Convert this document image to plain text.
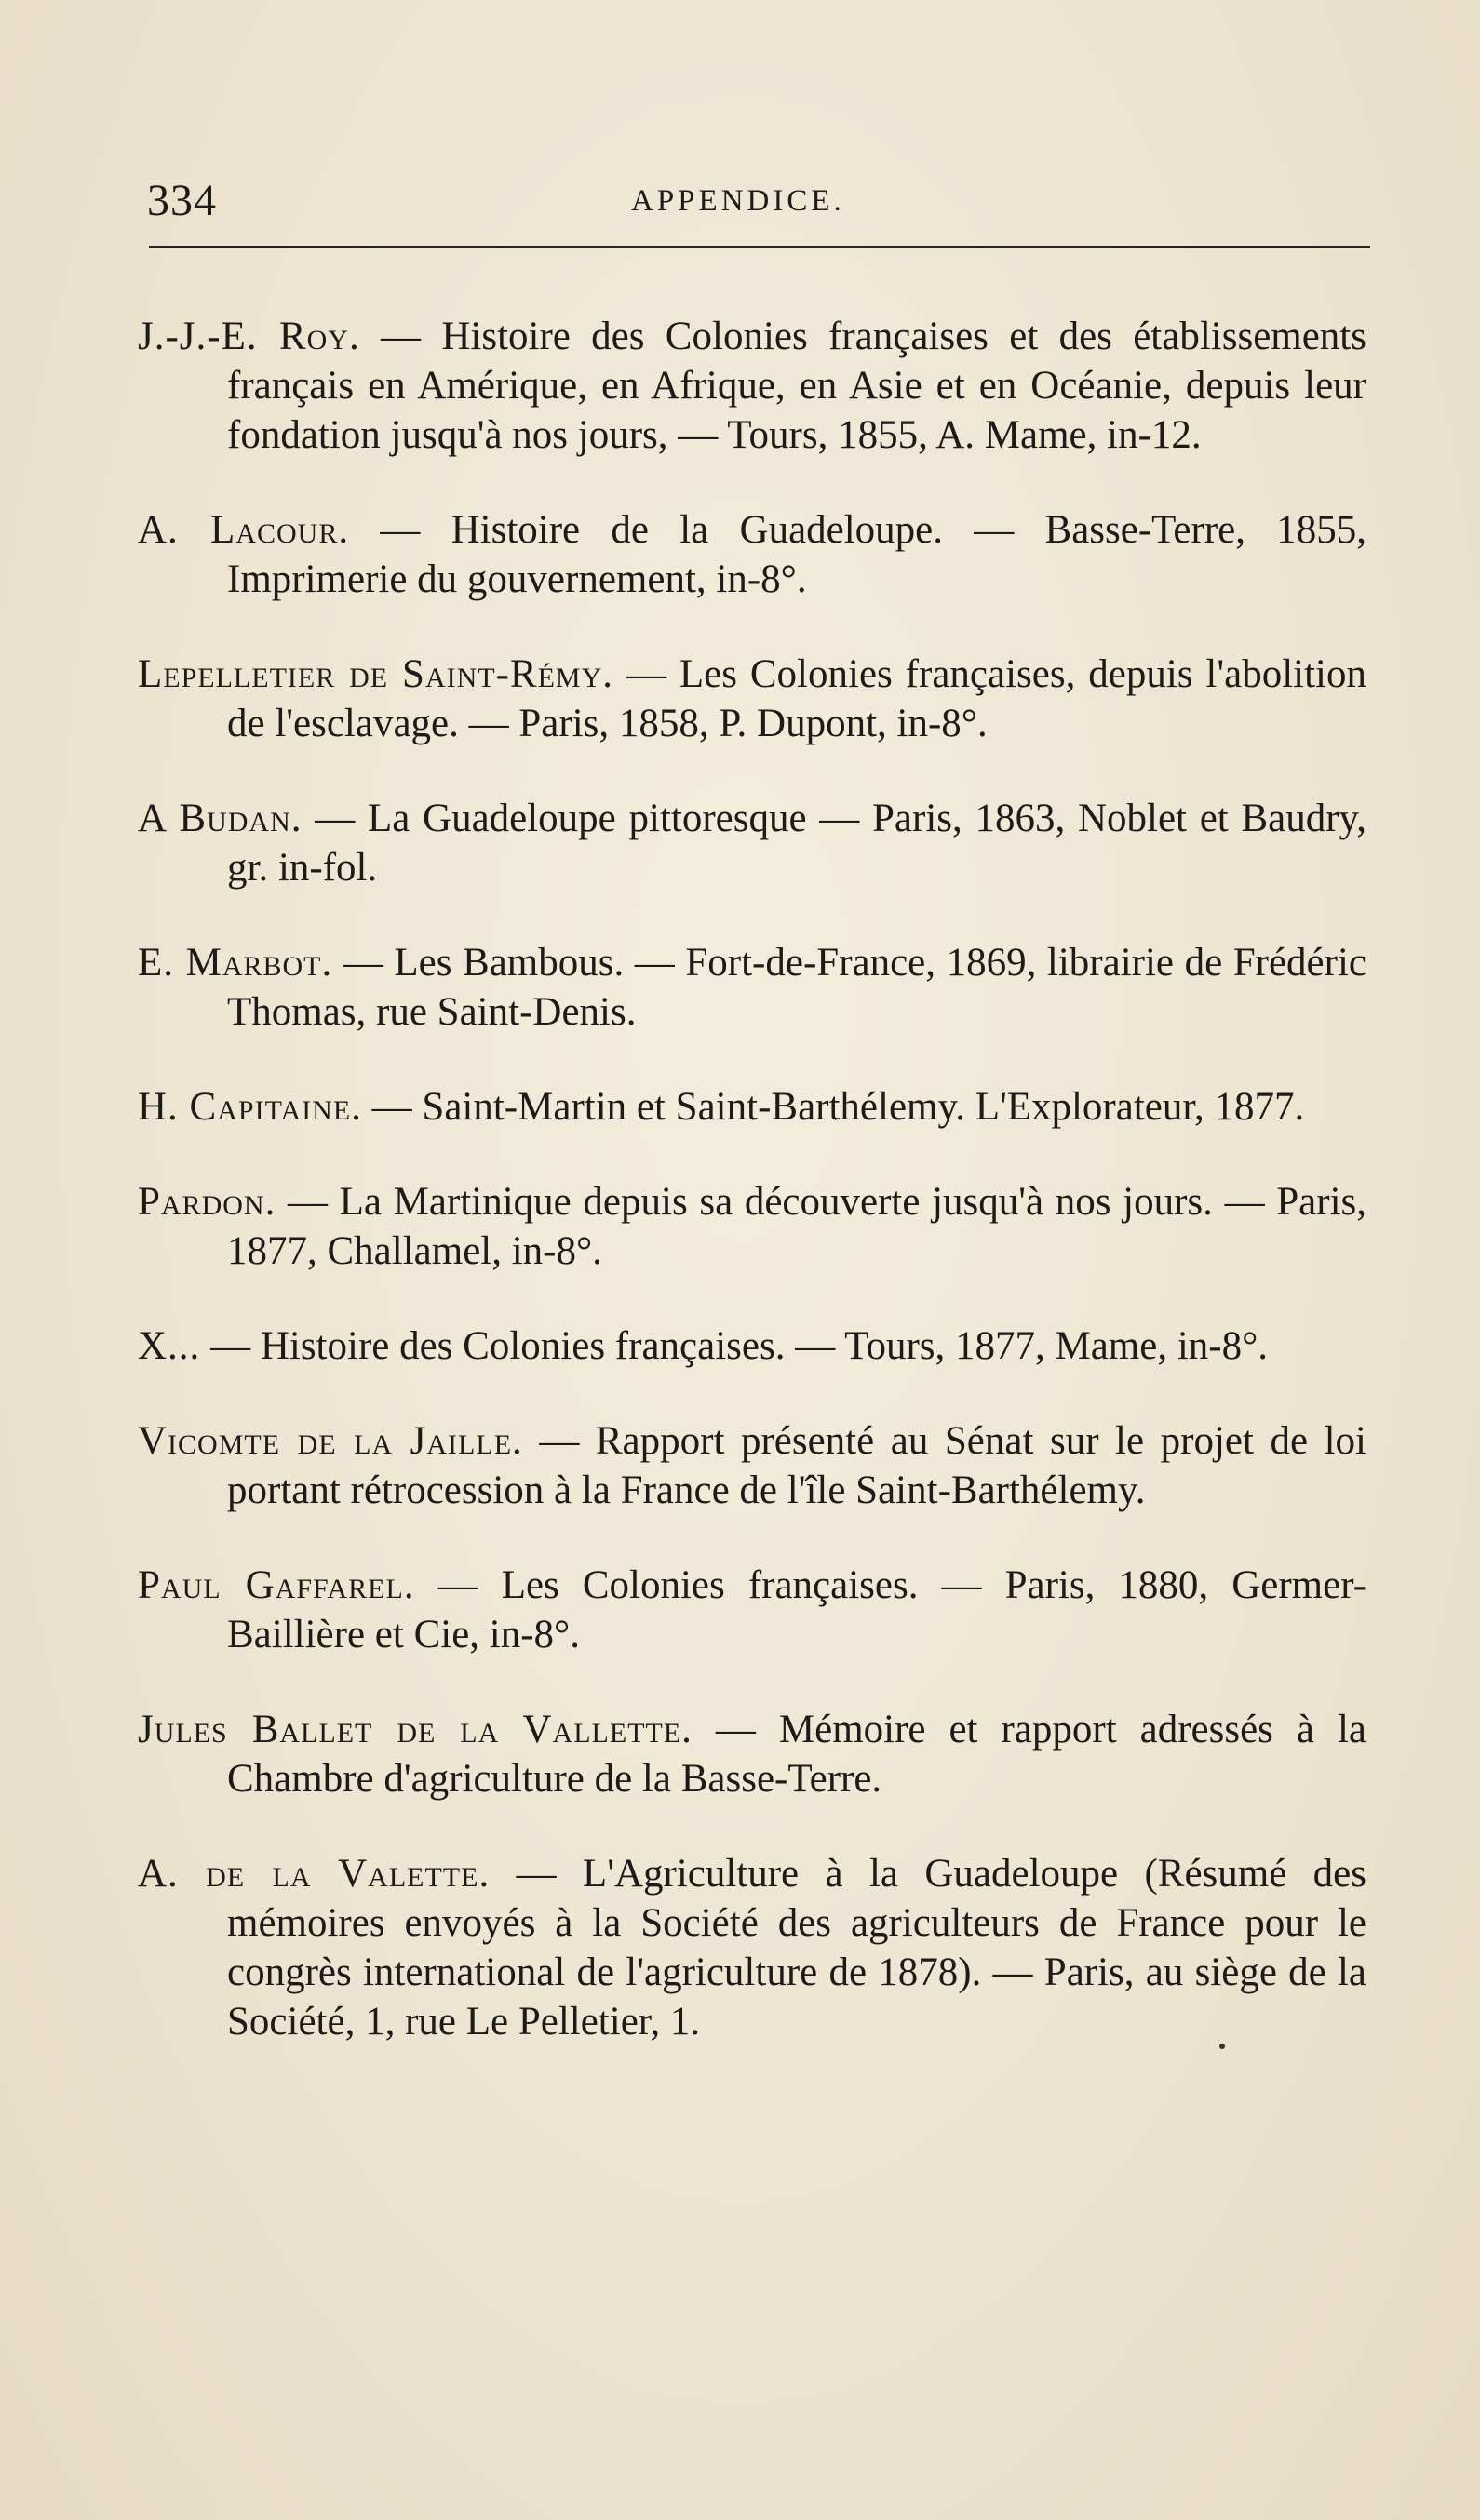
334	APPENDICE.

J.-J.-E. Roy. — Histoire des Colonies françaises et des établissements français en Amérique, en Afrique, en Asie et en Océanie, depuis leur fondation jusqu'à nos jours, — Tours, 1855, A. Mame, in-12.

A. Lacour. — Histoire de la Guadeloupe. — Basse-Terre, 1855, Imprimerie du gouvernement, in-8°.

Lepelletier de Saint-Rémy. — Les Colonies françaises, depuis l'abolition de l'esclavage. — Paris, 1858, P. Dupont, in-8°.

A Budan. — La Guadeloupe pittoresque — Paris, 1863, Noblet et Baudry, gr. in-fol.

E. Marbot. — Les Bambous. — Fort-de-France, 1869, librairie de Frédéric Thomas, rue Saint-Denis.

H. Capitaine. — Saint-Martin et Saint-Barthélemy. L'Explorateur, 1877.

Pardon. — La Martinique depuis sa découverte jusqu'à nos jours. — Paris, 1877, Challamel, in-8°.

X... — Histoire des Colonies françaises. — Tours, 1877, Mame, in-8°.

Vicomte de la Jaille. — Rapport présenté au Sénat sur le projet de loi portant rétrocession à la France de l'île Saint-Barthélemy.

Paul Gaffarel. — Les Colonies françaises. — Paris, 1880, Germer-Baillière et Cie, in-8°.

Jules Ballet de la Vallette. — Mémoire et rapport adressés à la Chambre d'agriculture de la Basse-Terre.

A. de la Valette. — L'Agriculture à la Guadeloupe (Résumé des mémoires envoyés à la Société des agriculteurs de France pour le congrès international de l'agriculture de 1878). — Paris, au siège de la Société, 1, rue Le Pelletier, 1.
